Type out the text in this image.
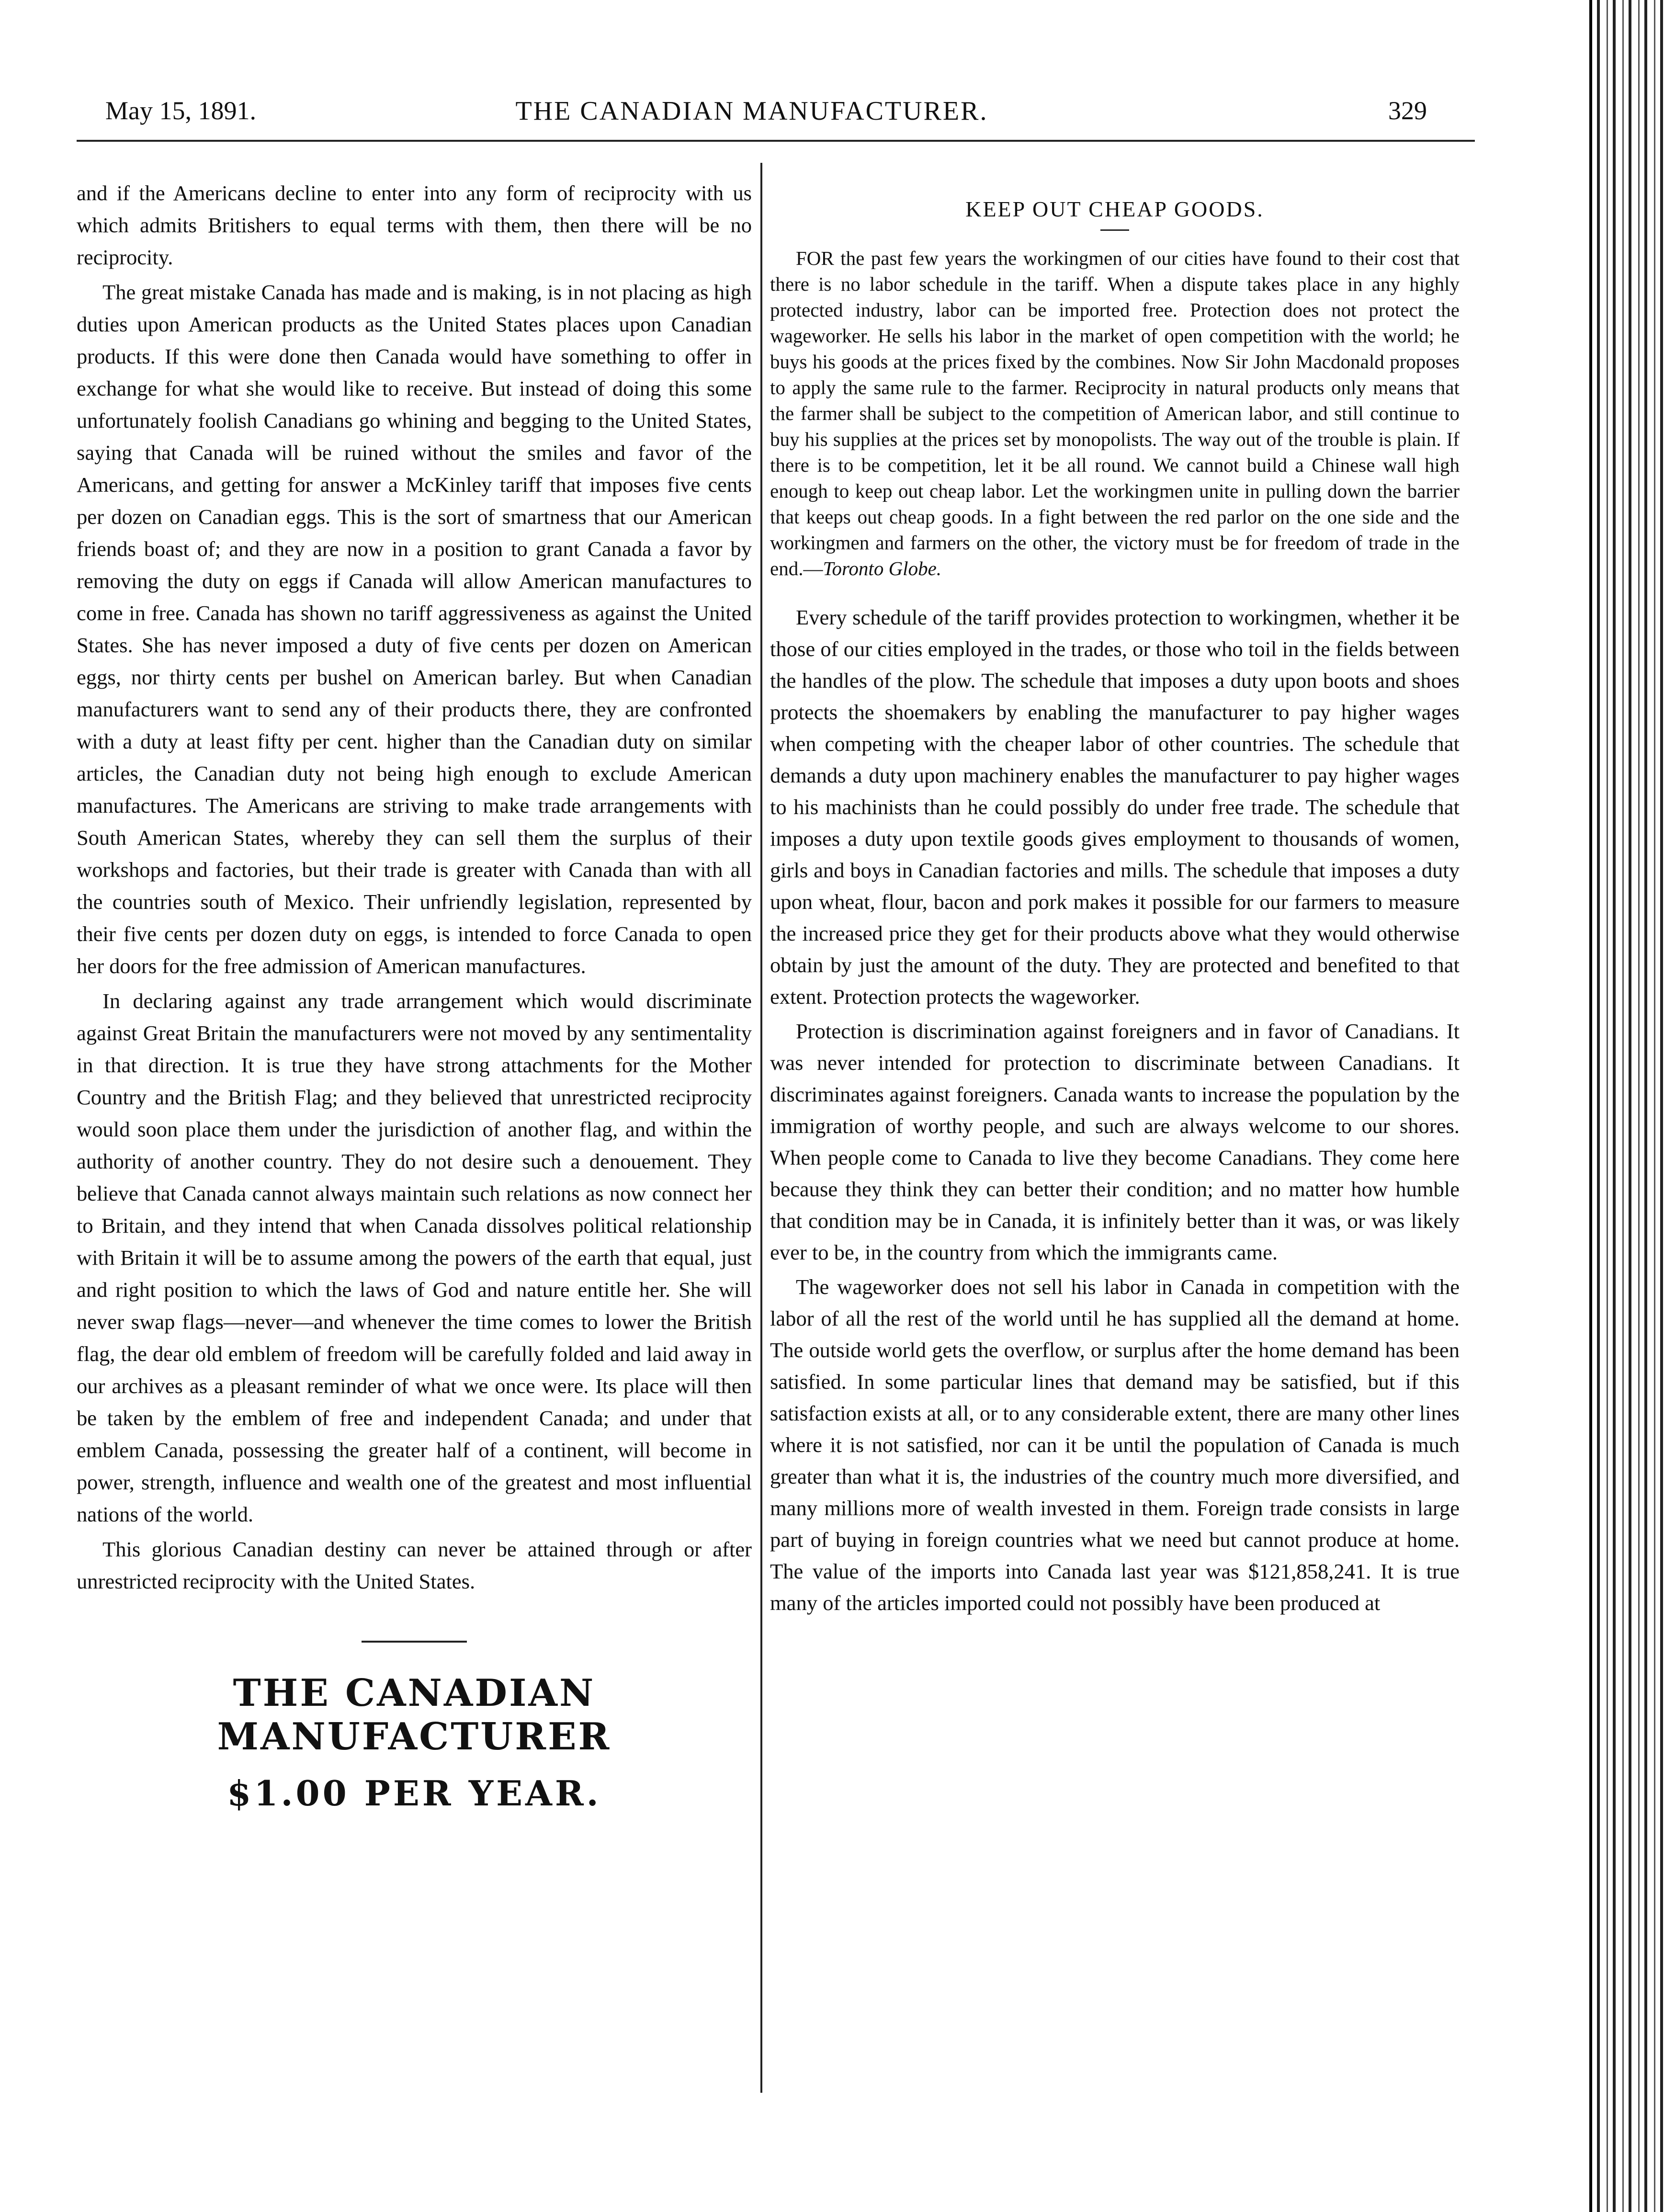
May 15, 1891.	THE CANADIAN MANUFACTURER.	329

and if the Americans decline to enter into any form of reciprocity with us which admits Britishers to equal terms with them, then there will be no reciprocity.

The great mistake Canada has made and is making, is in not placing as high duties upon American products as the United States places upon Canadian products. If this were done then Canada would have something to offer in exchange for what she would like to receive. But instead of doing this some unfortunately foolish Canadians go whining and begging to the United States, saying that Canada will be ruined without the smiles and favor of the Americans, and getting for answer a McKinley tariff that imposes five cents per dozen on Canadian eggs. This is the sort of smartness that our American friends boast of; and they are now in a position to grant Canada a favor by removing the duty on eggs if Canada will allow American manufactures to come in free. Canada has shown no tariff aggressiveness as against the United States. She has never imposed a duty of five cents per dozen on American eggs, nor thirty cents per bushel on American barley. But when Canadian manufacturers want to send any of their products there, they are confronted with a duty at least fifty per cent. higher than the Canadian duty on similar articles, the Canadian duty not being high enough to exclude American manufactures. The Americans are striving to make trade arrangements with South American States, whereby they can sell them the surplus of their workshops and factories, but their trade is greater with Canada than with all the countries south of Mexico. Their unfriendly legislation, represented by their five cents per dozen duty on eggs, is intended to force Canada to open her doors for the free admission of American manufactures.

In declaring against any trade arrangement which would discriminate against Great Britain the manufacturers were not moved by any sentimentality in that direction. It is true they have strong attachments for the Mother Country and the British Flag; and they believed that unrestricted reciprocity would soon place them under the jurisdiction of another flag, and within the authority of another country. They do not desire such a denouement. They believe that Canada cannot always maintain such relations as now connect her to Britain, and they intend that when Canada dissolves political relationship with Britain it will be to assume among the powers of the earth that equal, just and right position to which the laws of God and nature entitle her. She will never swap flags—never—and whenever the time comes to lower the British flag, the dear old emblem of freedom will be carefully folded and laid away in our archives as a pleasant reminder of what we once were. Its place will then be taken by the emblem of free and independent Canada; and under that emblem Canada, possessing the greater half of a continent, will become in power, strength, influence and wealth one of the greatest and most influential nations of the world.

This glorious Canadian destiny can never be attained through or after unrestricted reciprocity with the United States.

THE CANADIAN MANUFACTURER
$1.00 PER YEAR.
KEEP OUT CHEAP GOODS.

FOR the past few years the workingmen of our cities have found to their cost that there is no labor schedule in the tariff. When a dispute takes place in any highly protected industry, labor can be imported free. Protection does not protect the wageworker. He sells his labor in the market of open competition with the world; he buys his goods at the prices fixed by the combines. Now Sir John Macdonald proposes to apply the same rule to the farmer. Reciprocity in natural products only means that the farmer shall be subject to the competition of American labor, and still continue to buy his supplies at the prices set by monopolists. The way out of the trouble is plain. If there is to be competition, let it be all round. We cannot build a Chinese wall high enough to keep out cheap labor. Let the workingmen unite in pulling down the barrier that keeps out cheap goods. In a fight between the red parlor on the one side and the workingmen and farmers on the other, the victory must be for freedom of trade in the end.—Toronto Globe.

Every schedule of the tariff provides protection to workingmen, whether it be those of our cities employed in the trades, or those who toil in the fields between the handles of the plow. The schedule that imposes a duty upon boots and shoes protects the shoemakers by enabling the manufacturer to pay higher wages when competing with the cheaper labor of other countries. The schedule that demands a duty upon machinery enables the manufacturer to pay higher wages to his machinists than he could possibly do under free trade. The schedule that imposes a duty upon textile goods gives employment to thousands of women, girls and boys in Canadian factories and mills. The schedule that imposes a duty upon wheat, flour, bacon and pork makes it possible for our farmers to measure the increased price they get for their products above what they would otherwise obtain by just the amount of the duty. They are protected and benefited to that extent. Protection protects the wageworker.

Protection is discrimination against foreigners and in favor of Canadians. It was never intended for protection to discriminate between Canadians. It discriminates against foreigners. Canada wants to increase the population by the immigration of worthy people, and such are always welcome to our shores. When people come to Canada to live they become Canadians. They come here because they think they can better their condition; and no matter how humble that condition may be in Canada, it is infinitely better than it was, or was likely ever to be, in the country from which the immigrants came.

The wageworker does not sell his labor in Canada in competition with the labor of all the rest of the world until he has supplied all the demand at home. The outside world gets the overflow, or surplus after the home demand has been satisfied. In some particular lines that demand may be satisfied, but if this satisfaction exists at all, or to any considerable extent, there are many other lines where it is not satisfied, nor can it be until the population of Canada is much greater than what it is, the industries of the country much more diversified, and many millions more of wealth invested in them. Foreign trade consists in large part of buying in foreign countries what we need but cannot produce at home. The value of the imports into Canada last year was $121,858,241. It is true many of the articles imported could not possibly have been produced at
